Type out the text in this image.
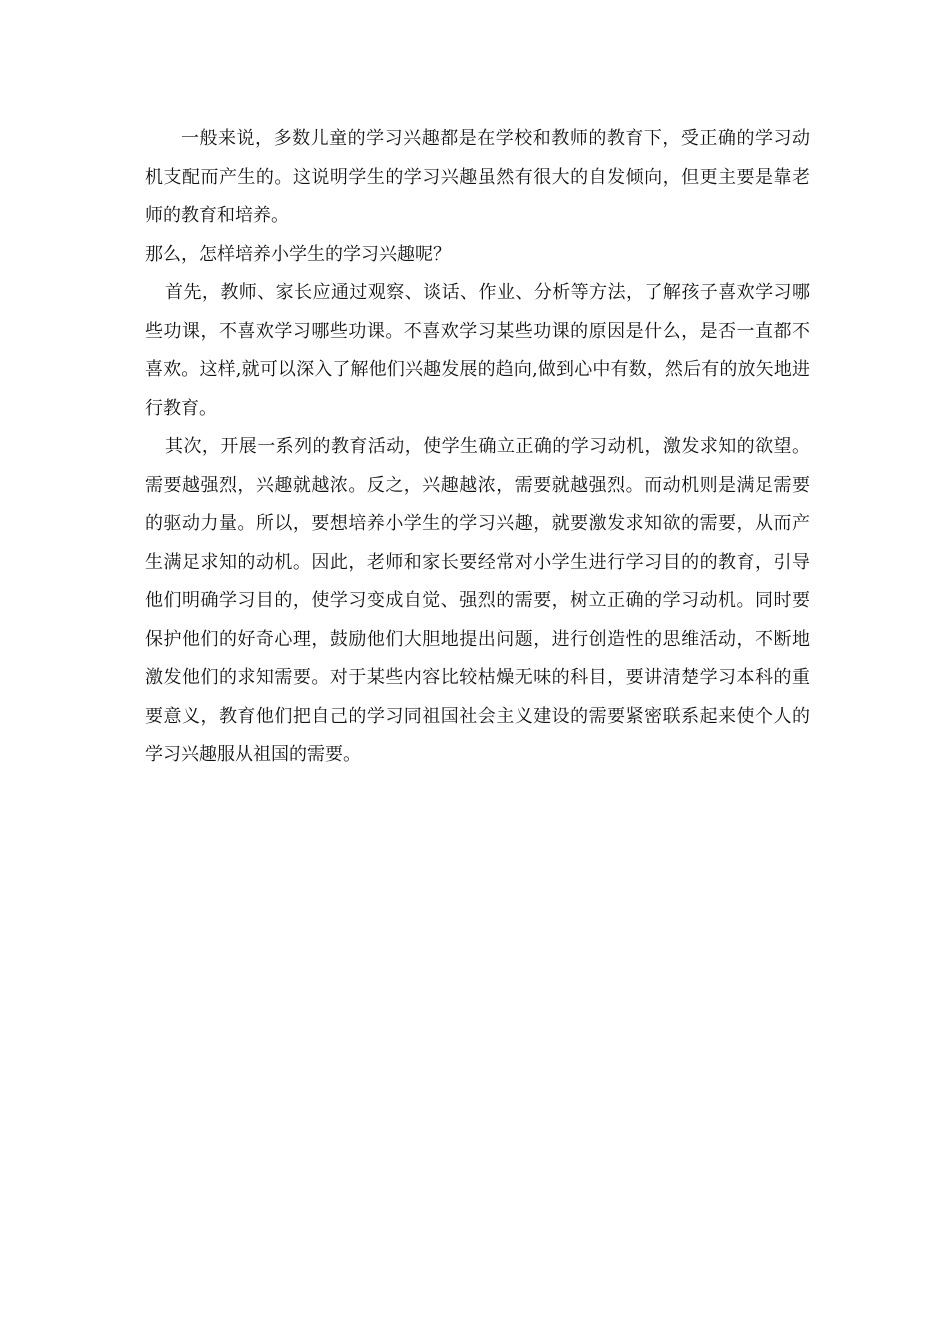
一般来说，多数儿童的学习兴趣都是在学校和教师的教育下，受正确的学习动机支配而产生的。这说明学生的学习兴趣虽然有很大的自发倾向，但更主要是靠老师的教育和培养。

那么，怎样培养小学生的学习兴趣呢？

首先，教师、家长应通过观察、谈话、作业、分析等方法，了解孩子喜欢学习哪些功课，不喜欢学习哪些功课。不喜欢学习某些功课的原因是什么，是否一直都不喜欢。这样,就可以深入了解他们兴趣发展的趋向,做到心中有数，然后有的放矢地进行教育。

其次，开展一系列的教育活动，使学生确立正确的学习动机，激发求知的欲望。需要越强烈，兴趣就越浓。反之，兴趣越浓，需要就越强烈。而动机则是满足需要的驱动力量。所以，要想培养小学生的学习兴趣，就要激发求知欲的需要，从而产生满足求知的动机。因此，老师和家长要经常对小学生进行学习目的的教育，引导他们明确学习目的，使学习变成自觉、强烈的需要，树立正确的学习动机。同时要保护他们的好奇心理，鼓励他们大胆地提出问题，进行创造性的思维活动，不断地激发他们的求知需要。对于某些内容比较枯燥无味的科目，要讲清楚学习本科的重要意义，教育他们把自己的学习同祖国社会主义建设的需要紧密联系起来使个人的学习兴趣服从祖国的需要。
